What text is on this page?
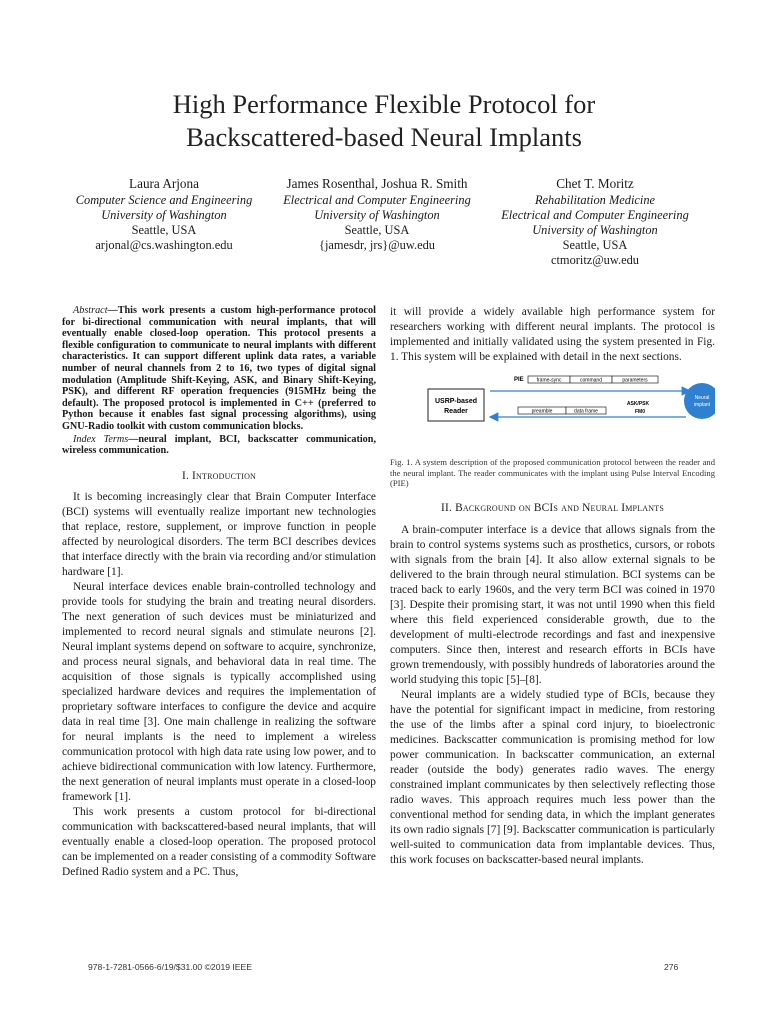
High Performance Flexible Protocol for
Backscattered-based Neural Implants
Laura Arjona
Computer Science and Engineering
University of Washington
Seattle, USA
arjonal@cs.washington.edu
James Rosenthal, Joshua R. Smith
Electrical and Computer Engineering
University of Washington
Seattle, USA
{jamesdr, jrs}@uw.edu
Chet T. Moritz
Rehabilitation Medicine
Electrical and Computer Engineering
University of Washington
Seattle, USA
ctmoritz@uw.edu
Abstract—This work presents a custom high-performance protocol for bi-directional communication with neural implants, that will eventually enable closed-loop operation. This protocol presents a flexible configuration to communicate to neural implants with different characteristics. It can support different uplink data rates, a variable number of neural channels from 2 to 16, two types of digital signal modulation (Amplitude Shift-Keying, ASK, and Binary Shift-Keying, PSK), and different RF operation frequencies (915MHz being the default). The proposed protocol is implemented in C++ (preferred to Python because it enables fast signal processing algorithms), using GNU-Radio toolkit with custom communication blocks.
Index Terms—neural implant, BCI, backscatter communication, wireless communication.
I. Introduction

It is becoming increasingly clear that Brain Computer Interface (BCI) systems will eventually realize important new technologies that replace, restore, supplement, or improve function in people affected by neurological disorders. The term BCI describes devices that interface directly with the brain via recording and/or stimulation hardware [1].

Neural interface devices enable brain-controlled technology and provide tools for studying the brain and treating neural disorders. The next generation of such devices must be miniaturized and implemented to record neural signals and stimulate neurons [2]. Neural implant systems depend on software to acquire, synchronize, and process neural signals, and behavioral data in real time. The acquisition of those signals is typically accomplished using specialized hardware devices and requires the implementation of proprietary software interfaces to configure the device and acquire data in real time [3]. One main challenge in realizing the software for neural implants is the need to implement a wireless communication protocol with high data rate using low power, and to achieve bidirectional communication with low latency. Furthermore, the next generation of neural implants must operate in a closed-loop framework [1].

This work presents a custom protocol for bi-directional communication with backscattered-based neural implants, that will eventually enable a closed-loop operation. The proposed protocol can be implemented on a reader consisting of a commodity Software Defined Radio system and a PC. Thus,

it will provide a widely available high performance system for researchers working with different neural implants. The protocol is implemented and initially validated using the system presented in Fig. 1. This system will be explained with detail in the next sections.

USRP-based
Reader
PIE	frame-sync	command	parameters
Neural
implant
preamble	data frame
ASK/PSK
FM0
Fig. 1. A system description of the proposed communication protocol between the reader and the neural implant. The reader communicates with the implant using Pulse Interval Encoding (PIE)
II. Background on BCIs and Neural Implants

A brain-computer interface is a device that allows signals from the brain to control systems systems such as prosthetics, cursors, or robots with signals from the brain [4]. It also allow external signals to be delivered to the brain through neural stimulation. BCI systems can be traced back to early 1960s, and the very term BCI was coined in 1970 [3]. Despite their promising start, it was not until 1990 when this field where this field experienced considerable growth, due to the development of multi-electrode recordings and fast and inexpensive computers. Since then, interest and research efforts in BCIs have grown tremendously, with possibly hundreds of laboratories around the world studying this topic [5]–[8].

Neural implants are a widely studied type of BCIs, because they have the potential for significant impact in medicine, from restoring the use of the limbs after a spinal cord injury, to bioelectronic medicines. Backscatter communication is promising method for low power communication. In backscatter communication, an external reader (outside the body) generates radio waves. The energy constrained implant communicates by then selectively reflecting those radio waves. This approach requires much less power than the conventional method for sending data, in which the implant generates its own radio signals [7] [9]. Backscatter communication is particularly well-suited to communication data from implantable devices. Thus, this work focuses on backscatter-based neural implants.

978-1-7281-0566-6/19/$31.00 ©2019 IEEE	276
